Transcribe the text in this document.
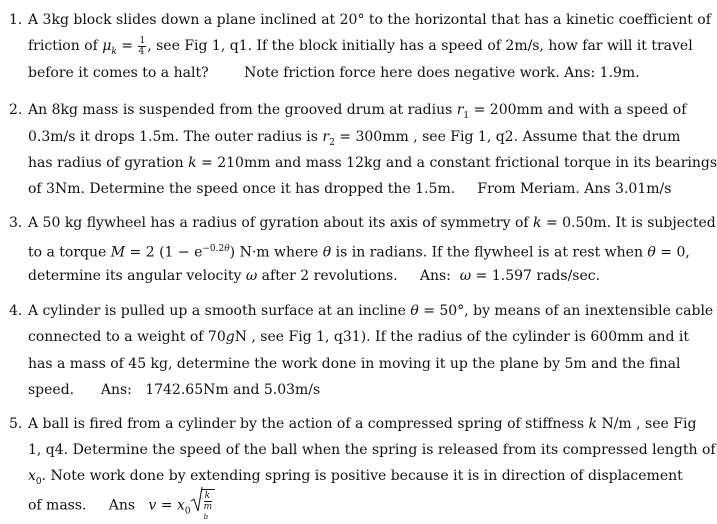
1. A 3kg block slides down a plane inclined at 20° to the horizontal that has a kinetic coefficient of
friction of $\mu_k = \frac{1}{4}$ , see Fig 1, q1. If the block initially has a speed of 2m/s, how far will it travel
before it comes to a halt?        Note friction force here does negative work. Ans: 1.9m.
2. An 8kg mass is suspended from the grooved drum at radius $r_1 = 200mm$ and with a speed of
0.3m/s it drops 1.5m. The outer radius is $r_2 = 300mm$ , see Fig 1, q2. Assume that the drum
has radius of gyration k = 210mm and mass 12kg and a constant frictional torque in its bearings
of 3Nm. Determine the speed once it has dropped the 1.5m.     From Meriam. Ans 3.01m/s
3. A 50 kg flywheel has a radius of gyration about its axis of symmetry of k = 0.50m. It is subjected
to a torque M = 2 $(1 - e^{-0.2\theta})$ N·m where θ is in radians. If the flywheel is at rest when θ = 0,
determine its angular velocity ω after 2 revolutions.     Ans:  ω = 1.597 rads/sec.
4. A cylinder is pulled up a smooth surface at an incline θ = 50°, by means of an inextensible cable
connected to a weight of 70gN , see Fig 1, q31). If the radius of the cylinder is 600mm and it
has a mass of 45 kg, determine the work done in moving it up the plane by 5m and the final
speed.      Ans:   1742.65Nm and 5.03m/s
5. A ball is fired from a cylinder by the action of a compressed spring of stiffness k N/m , see Fig
1, q4. Determine the speed of the ball when the spring is released from its compressed length of
$x_0$. Note work done by extending spring is positive because it is in direction of displacement
of mass.     Ans   $v = x_0$ k
m
b
